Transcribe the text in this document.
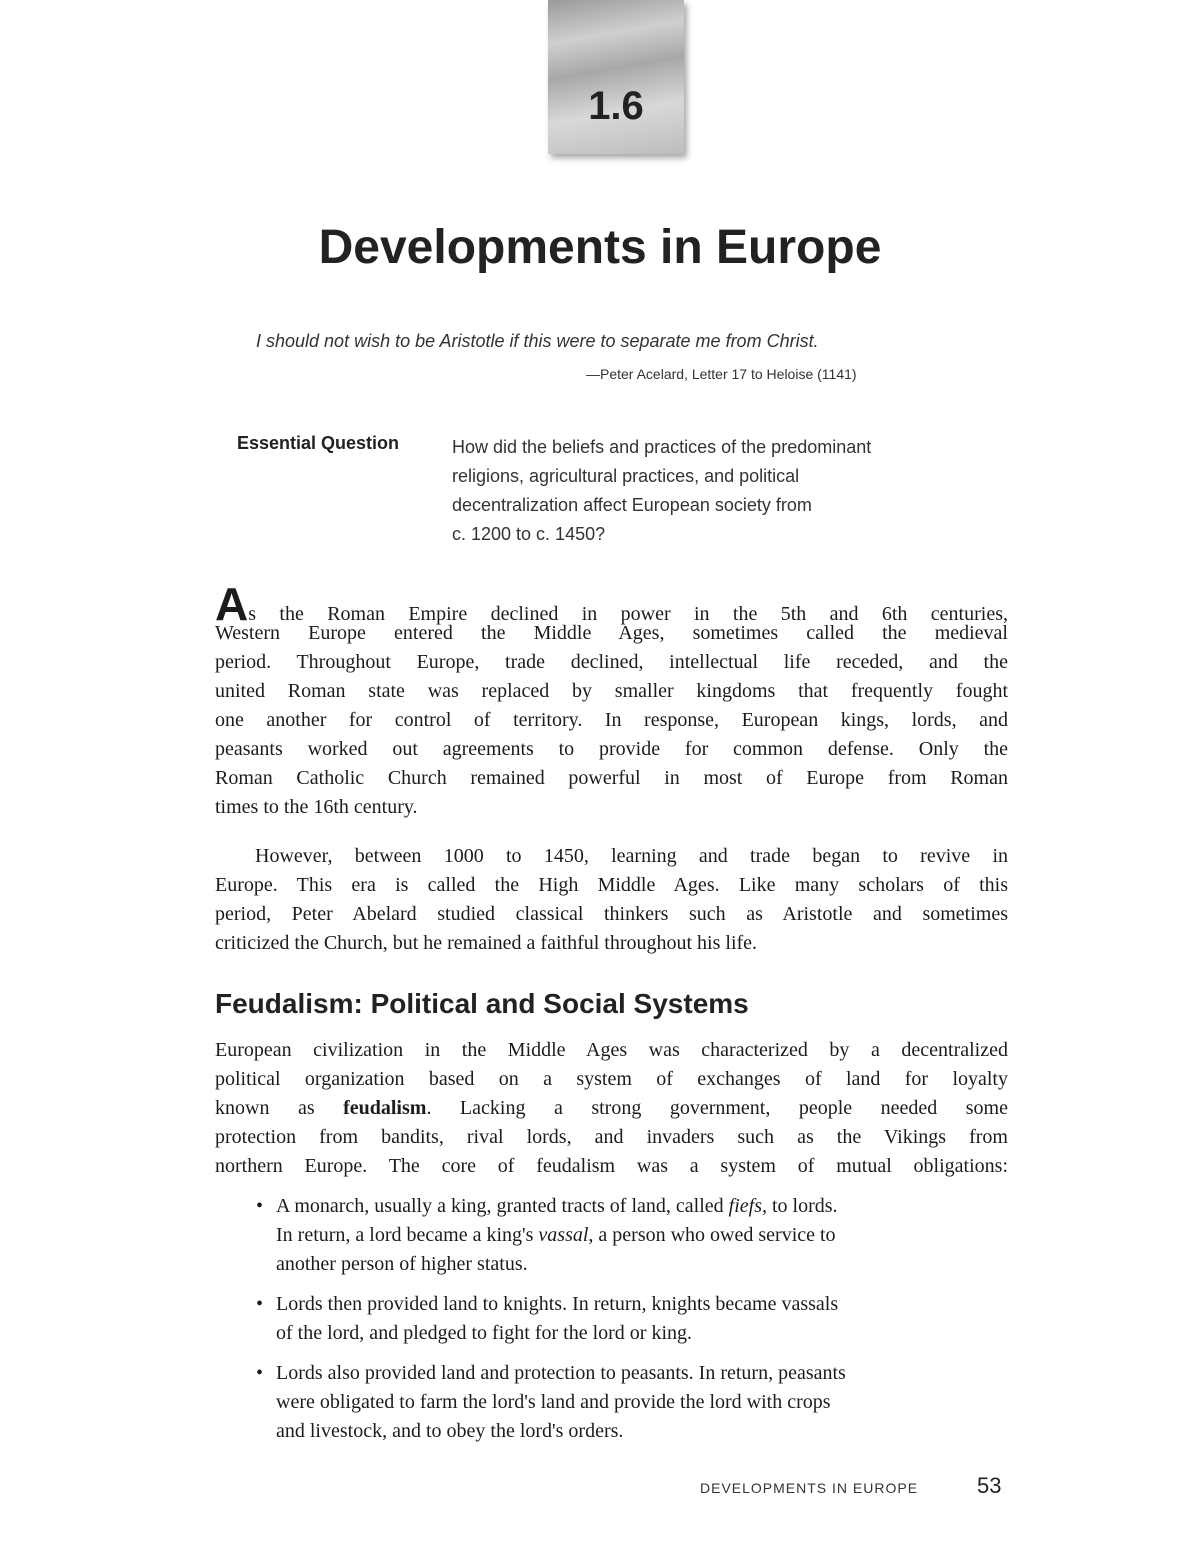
1.6
Developments in Europe
I should not wish to be Aristotle if this were to separate me from Christ.
—Peter Acelard, Letter 17 to Heloise (1141)
Essential Question	How did the beliefs and practices of the predominant
religions, agricultural practices, and political
decentralization affect European society from
c. 1200 to c. 1450?
As the Roman Empire declined in power in the 5th and 6th centuries,
Western Europe entered the Middle Ages, sometimes called the medieval
period. Throughout Europe, trade declined, intellectual life receded, and the
united Roman state was replaced by smaller kingdoms that frequently fought
one another for control of territory. In response, European kings, lords, and
peasants worked out agreements to provide for common defense. Only the
Roman Catholic Church remained powerful in most of Europe from Roman
times to the 16th century.
However, between 1000 to 1450, learning and trade began to revive in
Europe. This era is called the High Middle Ages. Like many scholars of this
period, Peter Abelard studied classical thinkers such as Aristotle and sometimes
criticized the Church, but he remained a faithful throughout his life.
Feudalism: Political and Social Systems
European civilization in the Middle Ages was characterized by a decentralized
political organization based on a system of exchanges of land for loyalty
known as feudalism. Lacking a strong government, people needed some
protection from bandits, rival lords, and invaders such as the Vikings from
northern Europe. The core of feudalism was a system of mutual obligations:
• A monarch, usually a king, granted tracts of land, called fiefs, to lords.
In return, a lord became a king's vassal, a person who owed service to
another person of higher status.
• Lords then provided land to knights. In return, knights became vassals
of the lord, and pledged to fight for the lord or king.
• Lords also provided land and protection to peasants. In return, peasants
were obligated to farm the lord's land and provide the lord with crops
and livestock, and to obey the lord's orders.
DEVELOPMENTS IN EUROPE	53
